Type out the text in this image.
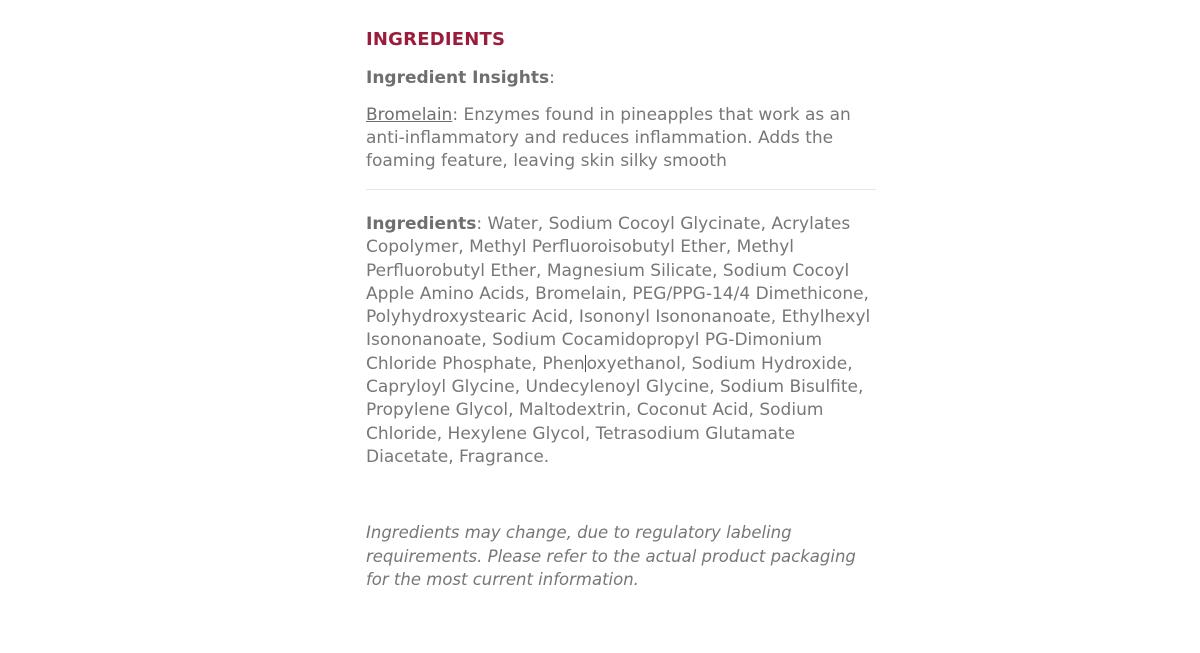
INGREDIENTS

Ingredient Insights:

Bromelain: Enzymes found in pineapples that work as an anti-inflammatory and reduces inflammation. Adds the foaming feature, leaving skin silky smooth

Ingredients: Water, Sodium Cocoyl Glycinate, Acrylates Copolymer, Methyl Perfluoroisobutyl Ether, Methyl Perfluorobutyl Ether, Magnesium Silicate, Sodium Cocoyl Apple Amino Acids, Bromelain, PEG/PPG-14/4 Dimethicone, Polyhydroxystearic Acid, Isononyl Isononanoate, Ethylhexyl Isononanoate, Sodium Cocamidopropyl PG-Dimonium Chloride Phosphate, Phen oxyethanol, Sodium Hydroxide, Capryloyl Glycine, Undecylenoyl Glycine, Sodium Bisulfite, Propylene Glycol, Maltodextrin, Coconut Acid, Sodium Chloride, Hexylene Glycol, Tetrasodium Glutamate Diacetate, Fragrance.

Ingredients may change, due to regulatory labeling requirements. Please refer to the actual product packaging for the most current information.
